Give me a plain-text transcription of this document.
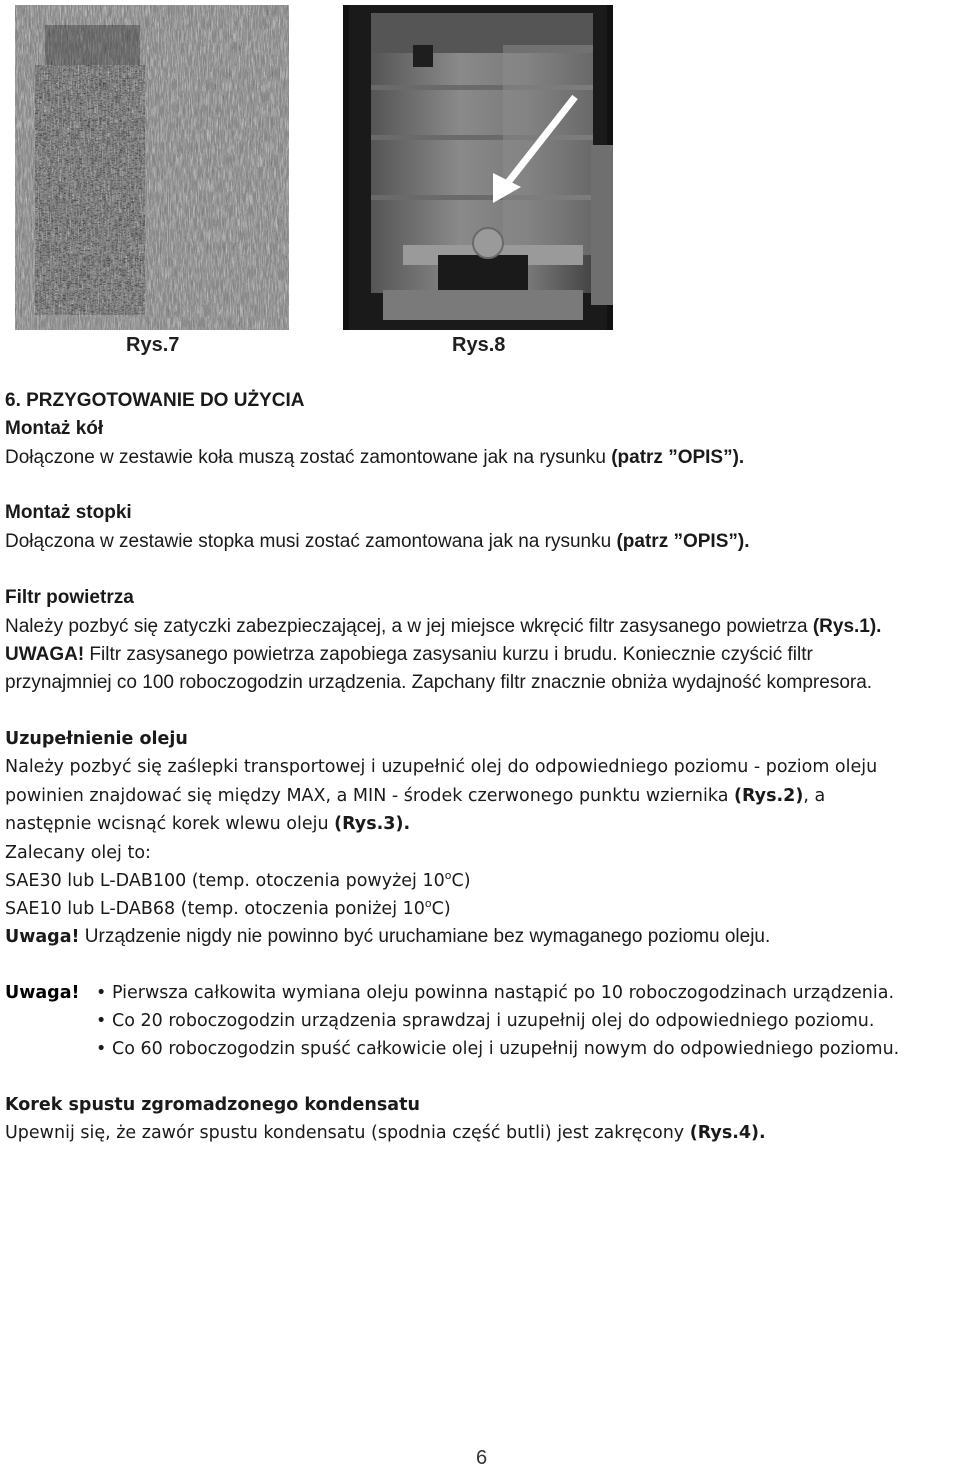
Rys.7	Rys.8
6. PRZYGOTOWANIE DO UŻYCIA
Montaż kół
Dołączone w zestawie koła muszą zostać zamontowane jak na rysunku (patrz ”OPIS”).
Montaż stopki
Dołączona w zestawie stopka musi zostać zamontowana jak na rysunku (patrz ”OPIS”).
Filtr powietrza
Należy pozbyć się zatyczki zabezpieczającej, a w jej miejsce wkręcić filtr zasysanego powietrza (Rys.1).
UWAGA! Filtr zasysanego powietrza zapobiega zasysaniu kurzu i brudu. Koniecznie czyścić filtr
przynajmniej co 100 roboczogodzin urządzenia. Zapchany filtr znacznie obniża wydajność kompresora.
Uzupełnienie oleju
Należy pozbyć się zaślepki transportowej i uzupełnić olej do odpowiedniego poziomu - poziom oleju
powinien znajdować się między MAX, a MIN - środek czerwonego punktu wziernika (Rys.2), a
następnie wcisnąć korek wlewu oleju (Rys.3).
Zalecany olej to:
SAE30 lub L-DAB100 (temp. otoczenia powyżej 10$^o$C)
SAE10 lub L-DAB68 (temp. otoczenia poniżej 10$^o$C)
Uwaga! Urządzenie nigdy nie powinno być uruchamiane bez wymaganego poziomu oleju.
Uwaga! • Pierwsza całkowita wymiana oleju powinna nastąpić po 10 roboczogodzinach urządzenia.
• Co 20 roboczogodzin urządzenia sprawdzaj i uzupełnij olej do odpowiedniego poziomu.
• Co 60 roboczogodzin spuść całkowicie olej i uzupełnij nowym do odpowiedniego poziomu.
Korek spustu zgromadzonego kondensatu
Upewnij się, że zawór spustu kondensatu (spodnia część butli) jest zakręcony (Rys.4).
6
